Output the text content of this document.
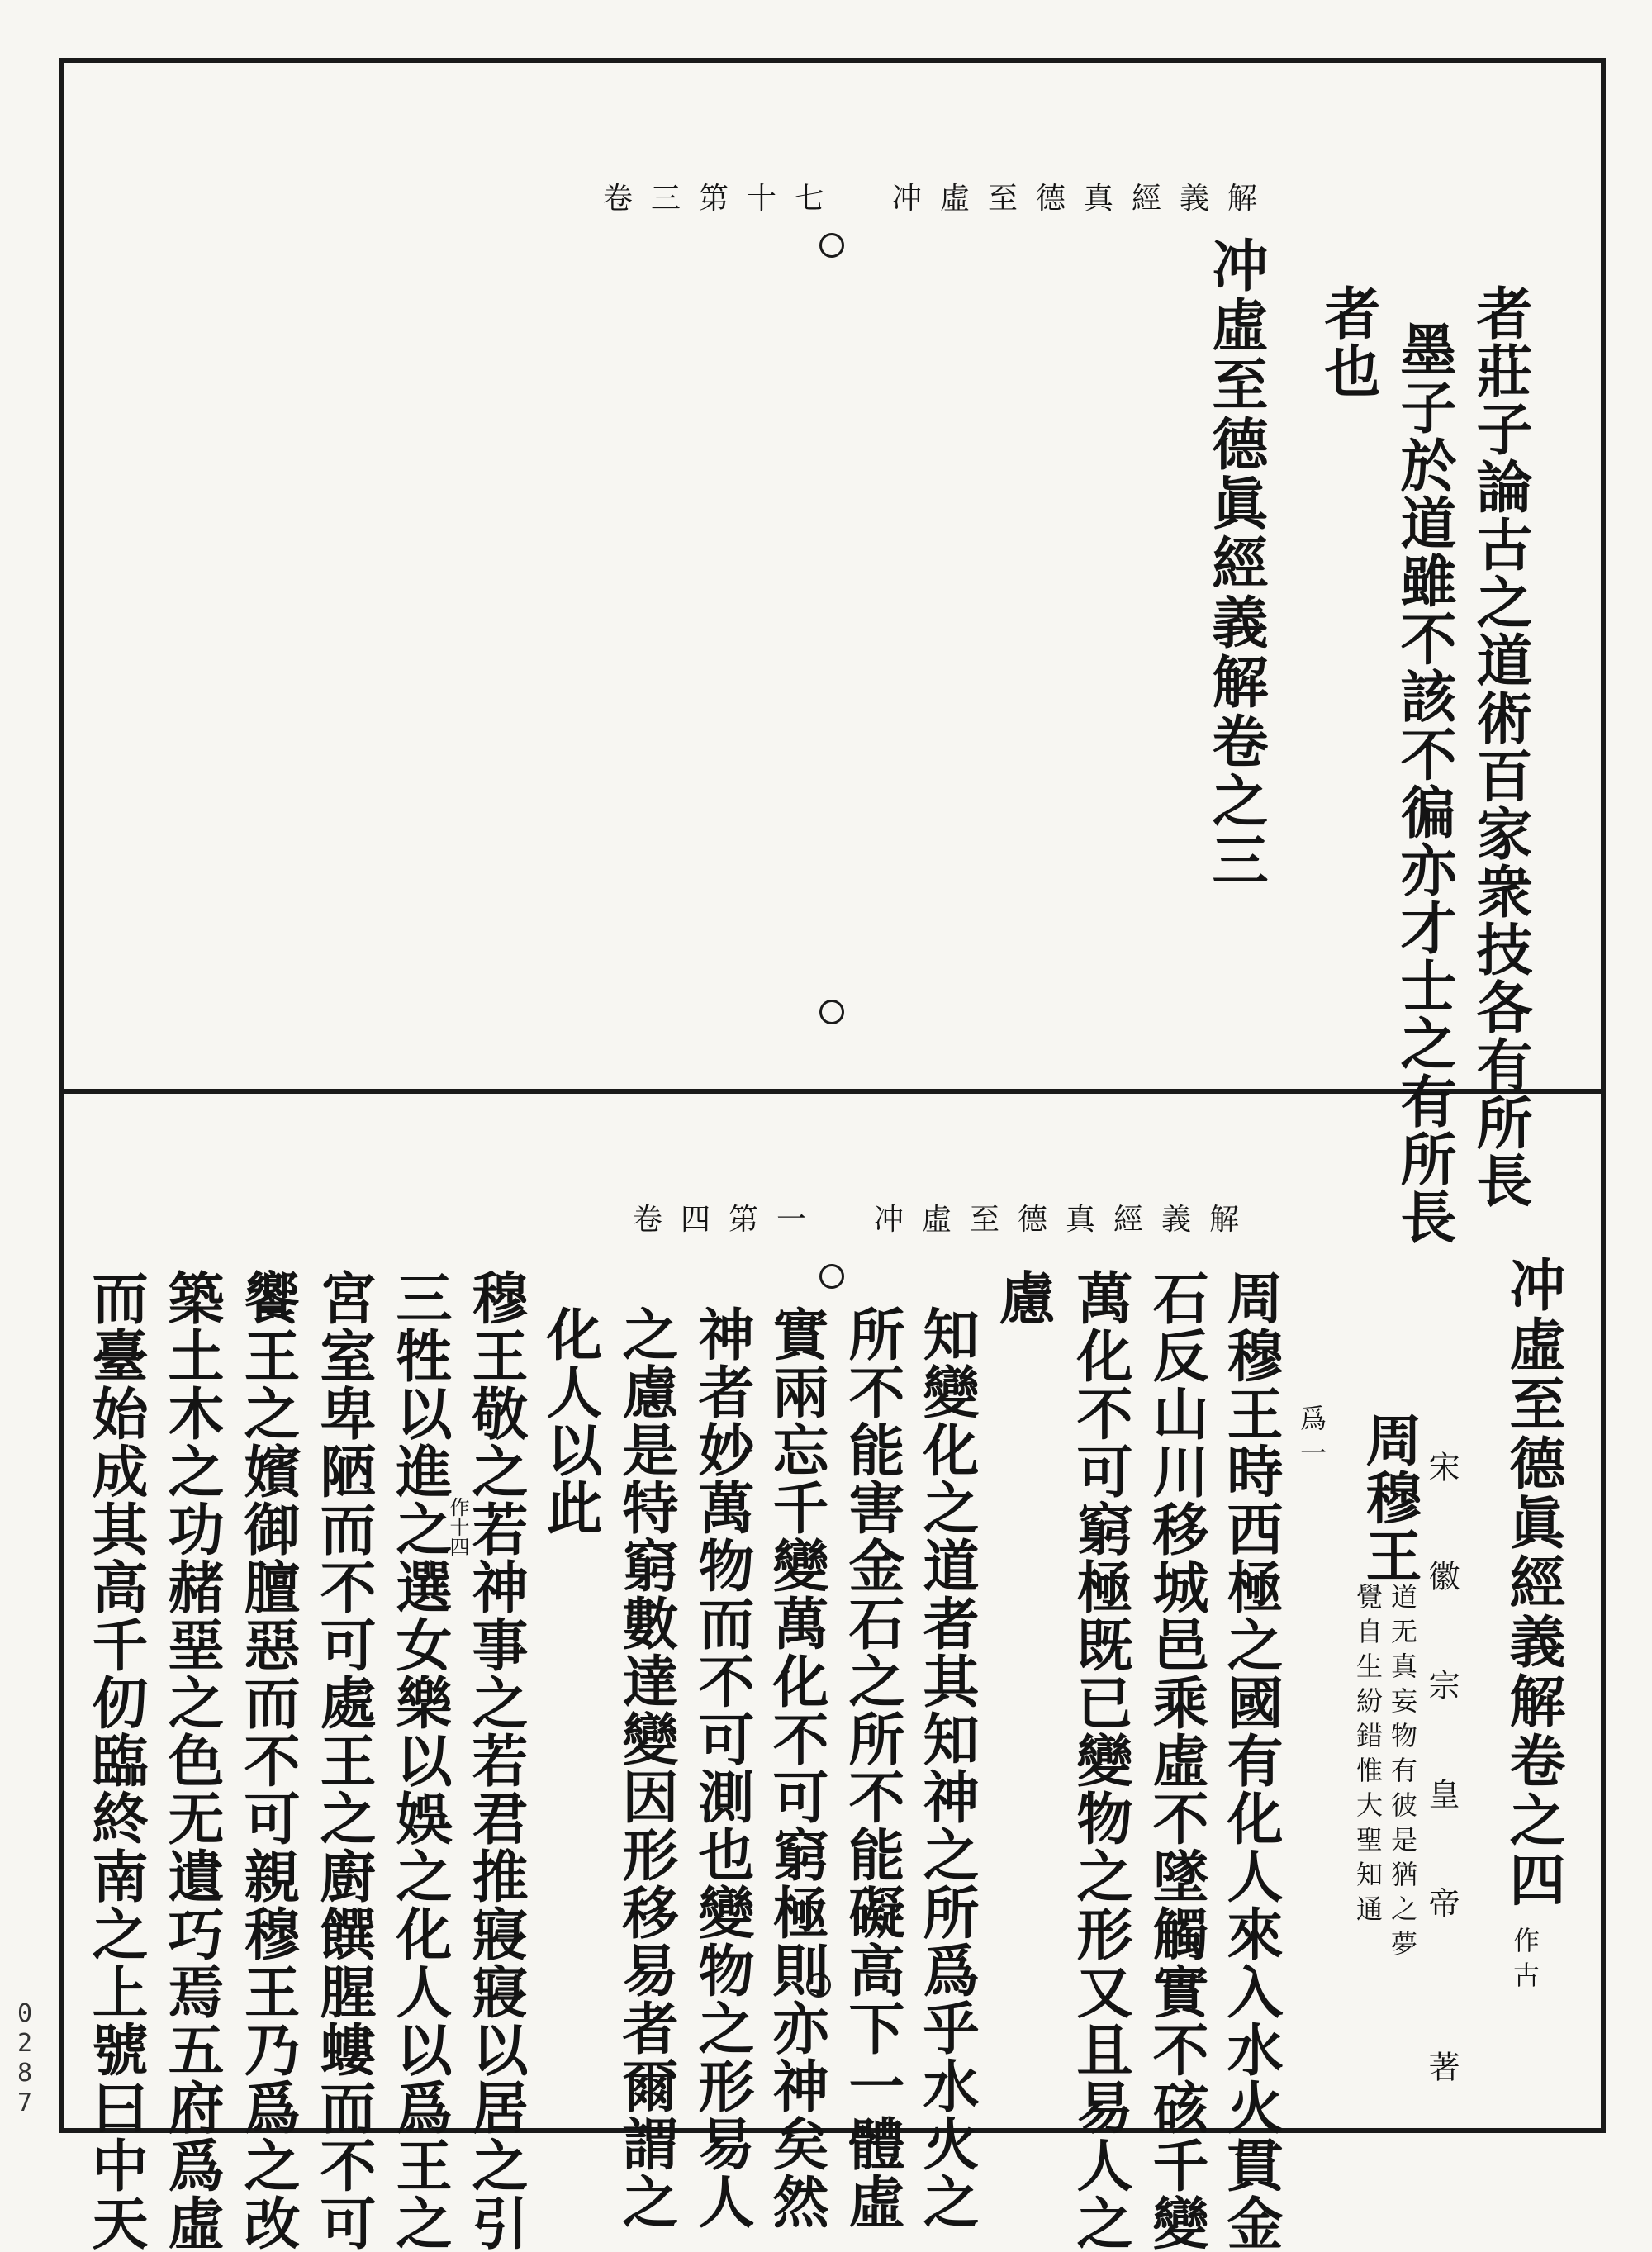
卷三第十七 冲虛至德真經義解
者莊子論古之道術百家衆技各有所長
墨子於道雖不該不徧亦才士之有所長
者也
冲虛至德眞經義解卷之三
卷四第一 冲虛至德真經義解
冲虛至德眞經義解卷之四
作古
宋　徽　宗　皇　帝　　著
周穆王
道无真妄物有彼是猶之夢
覺自生紛錯惟大聖知通
爲一
周穆王時西極之國有化人來入水火貫金
石反山川移城邑乘虛不墜觸實不硋千變
萬化不可窮極既已變物之形又且易人之
慮
知變化之道者其知神之所爲乎水火之
所不能害金石之所不能礙高下一體虛
實兩忘千變萬化不可窮極則亦神矣然
神者妙萬物而不可測也變物之形易人
之慮是特窮數達變因形移易者爾謂之
化人以此
穆王敬之若神事之若君推寢寢以居之引
作十四
三牲以進之選女樂以娛之化人以爲王之
宮室卑陋而不可處王之廚饌腥螻而不可
饗王之嬪御膻惡而不可親穆王乃爲之改
築土木之功赭堊之色无遺巧焉五府爲虛
而臺始成其高千仞臨終南之上號曰中天
0287
